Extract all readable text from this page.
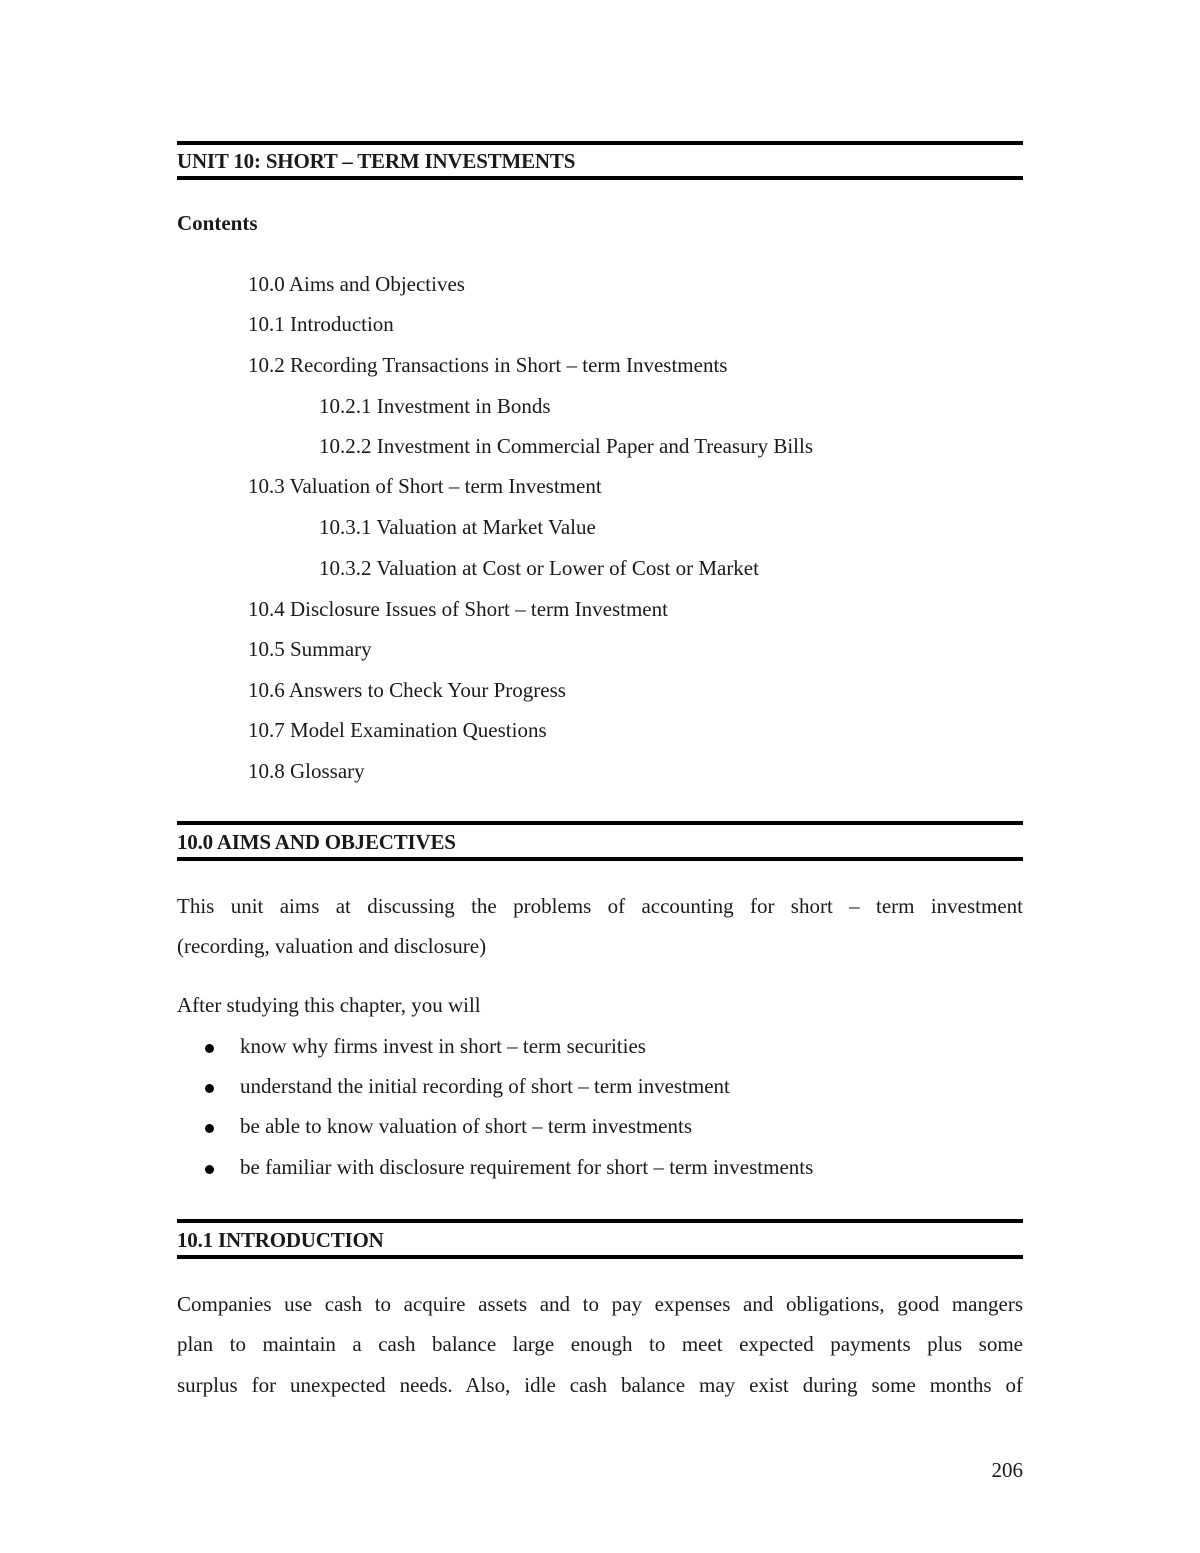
UNIT 10: SHORT – TERM INVESTMENTS
Contents
10.0 Aims and Objectives
10.1 Introduction
10.2 Recording Transactions in Short – term Investments
10.2.1 Investment in Bonds
10.2.2 Investment in Commercial Paper and Treasury Bills
10.3 Valuation of Short – term Investment
10.3.1 Valuation at Market Value
10.3.2 Valuation at Cost or Lower of Cost or Market
10.4 Disclosure Issues of Short – term Investment
10.5 Summary
10.6 Answers to Check Your Progress
10.7 Model Examination Questions
10.8 Glossary
10.0 AIMS AND OBJECTIVES
This unit aims at discussing the problems of accounting for short – term investment
(recording, valuation and disclosure)
After studying this chapter, you will
know why firms invest in short – term securities
understand the initial recording of short – term investment
be able to know valuation of short – term investments
be familiar with disclosure requirement for short – term investments
10.1 INTRODUCTION
Companies use cash to acquire assets and to pay expenses and obligations, good mangers
plan to maintain a cash balance large enough to meet expected payments plus some
surplus for unexpected needs. Also, idle cash balance may exist during some months of
206
